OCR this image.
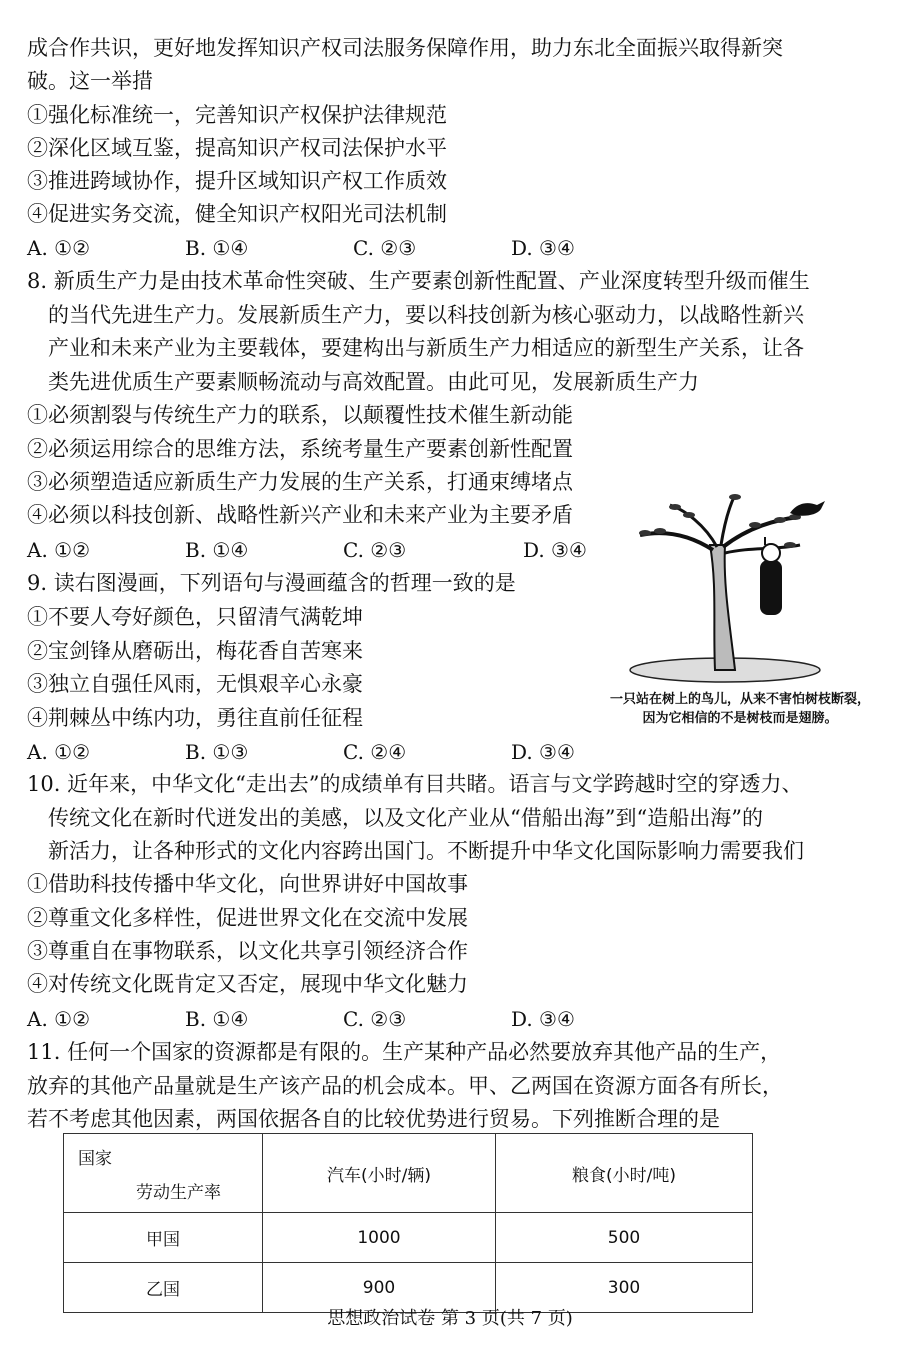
成合作共识，更好地发挥知识产权司法服务保障作用，助力东北全面振兴取得新突
破。这一举措
①强化标准统一，完善知识产权保护法律规范
②深化区域互鉴，提高知识产权司法保护水平
③推进跨域协作，提升区域知识产权工作质效
④促进实务交流，健全知识产权阳光司法机制
A. ①②	B. ①④	C. ②③	D. ③④
8. 新质生产力是由技术革命性突破、生产要素创新性配置、产业深度转型升级而催生
的当代先进生产力。发展新质生产力，要以科技创新为核心驱动力，以战略性新兴
产业和未来产业为主要载体，要建构出与新质生产力相适应的新型生产关系，让各
类先进优质生产要素顺畅流动与高效配置。由此可见，发展新质生产力
①必须割裂与传统生产力的联系，以颠覆性技术催生新动能
②必须运用综合的思维方法，系统考量生产要素创新性配置
③必须塑造适应新质生产力发展的生产关系，打通束缚堵点
④必须以科技创新、战略性新兴产业和未来产业为主要矛盾
A. ①②	B. ①④	C. ②③	D. ③④
9. 读右图漫画，下列语句与漫画蕴含的哲理一致的是
①不要人夸好颜色，只留清气满乾坤
②宝剑锋从磨砺出，梅花香自苦寒来
③独立自强任风雨，无惧艰辛心永豪
④荆棘丛中练内功，勇往直前任征程
A. ①②	B. ①③	C. ②④	D. ③④
一只站在树上的鸟儿，从来不害怕树枝断裂，
因为它相信的不是树枝而是翅膀。
10. 近年来，中华文化“走出去”的成绩单有目共睹。语言与文学跨越时空的穿透力、
传统文化在新时代迸发出的美感，以及文化产业从“借船出海”到“造船出海”的
新活力，让各种形式的文化内容跨出国门。不断提升中华文化国际影响力需要我们
①借助科技传播中华文化，向世界讲好中国故事
②尊重文化多样性，促进世界文化在交流中发展
③尊重自在事物联系，以文化共享引领经济合作
④对传统文化既肯定又否定，展现中华文化魅力
A. ①②	B. ①④	C. ②③	D. ③④
11. 任何一个国家的资源都是有限的。生产某种产品必然要放弃其他产品的生产，
放弃的其他产品量就是生产该产品的机会成本。甲、乙两国在资源方面各有所长，
若不考虑其他因素，两国依据各自的比较优势进行贸易。下列推断合理的是
国家
劳动生产率	汽车(小时/辆)	粮食(小时/吨)
甲国	1000	500
乙国	900	300
思想政治试卷 第 3 页(共 7 页)
